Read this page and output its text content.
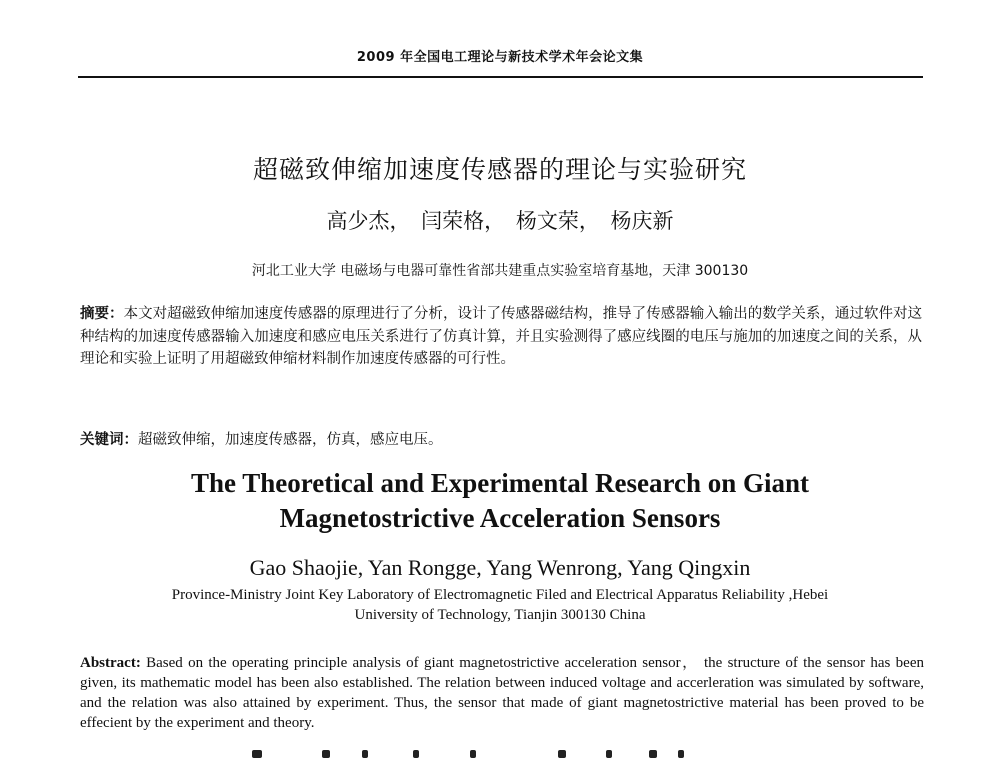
2009 年全国电工理论与新技术学术年会论文集
超磁致伸缩加速度传感器的理论与实验研究
高少杰， 闫荣格， 杨文荣， 杨庆新
河北工业大学 电磁场与电器可靠性省部共建重点实验室培育基地，天津 300130
摘要：本文对超磁致伸缩加速度传感器的原理进行了分析，设计了传感器磁结构，推导了传感器输入输出的数学关系，通过软件对这种结构的加速度传感器输入加速度和感应电压关系进行了仿真计算，并且实验测得了感应线圈的电压与施加的加速度之间的关系，从理论和实验上证明了用超磁致伸缩材料制作加速度传感器的可行性。
关键词：超磁致伸缩，加速度传感器，仿真，感应电压。
The Theoretical and Experimental Research on Giant
Magnetostrictive Acceleration Sensors
Gao Shaojie, Yan Rongge, Yang Wenrong, Yang Qingxin
Province-Ministry Joint Key Laboratory of Electromagnetic Filed and Electrical Apparatus Reliability ,Hebei
University of Technology, Tianjin 300130 China
Abstract: Based on the operating principle analysis of giant magnetostrictive acceleration sensor， the structure of the sensor has been given, its mathematic model has been also established. The relation between induced voltage and accerleration was simulated by software, and the relation was also attained by experiment. Thus, the sensor that made of giant magnetostrictive material has been proved to be effecient by the experiment and theory.
